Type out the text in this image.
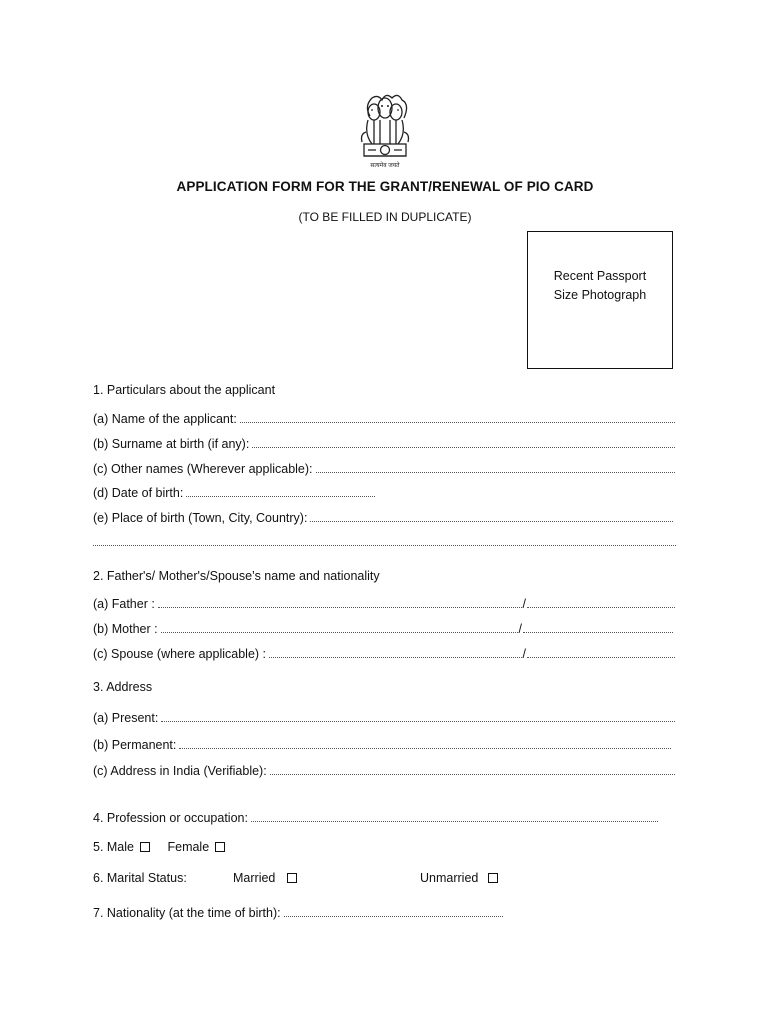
सत्यमेव जयते
APPLICATION FORM FOR THE GRANT/RENEWAL OF PIO CARD
(TO BE FILLED IN DUPLICATE)
Recent Passport
Size Photograph
1. Particulars about the applicant
(a) Name of the applicant:
(b) Surname at birth (if any):
(c) Other names (Wherever applicable):
(d) Date of birth:
(e) Place of birth (Town, City, Country):
2. Father's/ Mother's/Spouse’s name and nationality
(a) Father :	/
(b) Mother :	/
(c) Spouse (where applicable) :	/
3. Address
(a) Present:
(b) Permanent:
(c) Address in India (Verifiable):
4. Profession or occupation:
5. Male	Female
6. Marital Status:	Married	Unmarried
7. Nationality (at the time of birth):
